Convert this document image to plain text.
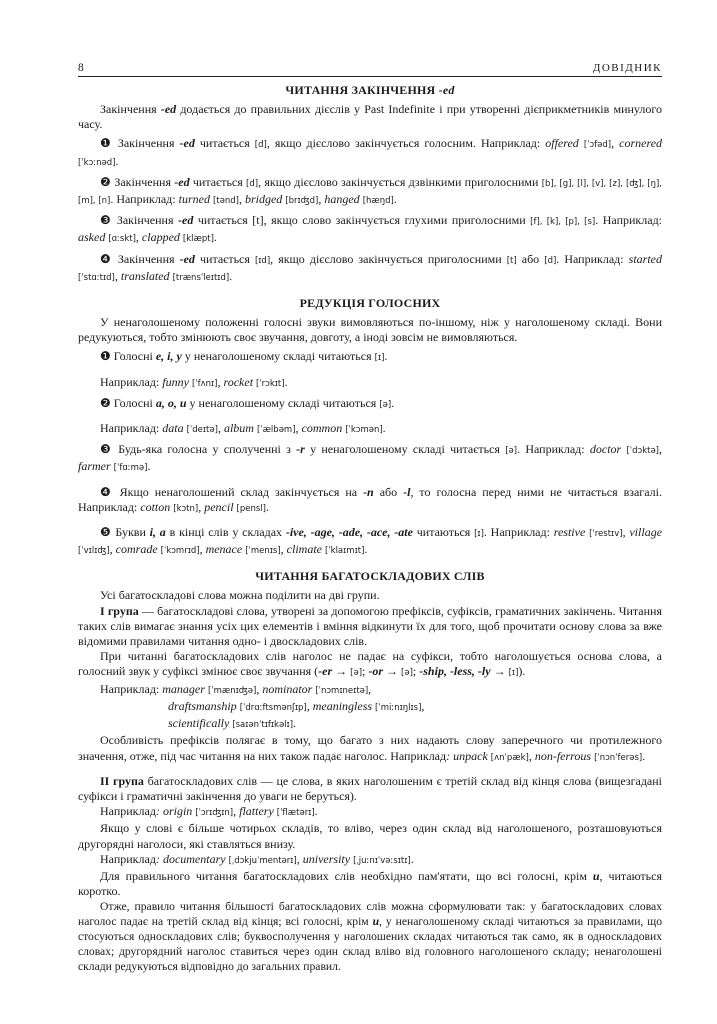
8	ДОВІДНИК
ЧИТАННЯ ЗАКІНЧЕННЯ -ed

Закінчення -ed додається до правильних дієслів у Past Indefinite і при утворенні дієприкметників минулого часу.

❶ Закінчення -ed читається [d], якщо дієслово закінчується голосним. Наприклад: offered [ˈɔfəd], cornered [ˈkɔːnəd].

❷ Закінчення -ed читається [d], якщо дієслово закінчується дзвінкими приголосними [b], [g], [l], [v], [z], [ʤ], [ŋ], [m], [n]. Наприклад: turned [tənd], bridged [brɪʤd], hanged [hæŋd].

❸ Закінчення -ed читається [t], якщо слово закінчується глухими приголосними [f], [k], [p], [s]. Наприклад: asked [ɑːskt], clapped [klæpt].

❹ Закінчення -ed читається [ɪd], якщо дієслово закінчується приголосними [t] або [d]. Наприклад: started [ˈstɑːtɪd], translated [trænsˈleɪtɪd].

РЕДУКЦІЯ ГОЛОСНИХ

У ненаголошеному положенні голосні звуки вимовляються по-іншому, ніж у наголошеному складі. Вони редукуються, тобто змінюють своє звучання, довготу, а іноді зовсім не вимовляються.

❶ Голосні e, i, y у ненаголошеному складі читаються [ɪ].

Наприклад: funny [ˈfʌnɪ], rocket [ˈrɔkɪt].

❷ Голосні a, o, u у ненаголошеному складі читаються [ə].

Наприклад: data [ˈdeɪtə], album [ˈælbəm], common [ˈkɔmən].

❸ Будь-яка голосна у сполученні з -r у ненаголошеному складі читається [ə]. Наприклад: doctor [ˈdɔktə], farmer [ˈfɑːmə].

❹ Якщо ненаголошений склад закінчується на -n або -l, то голосна перед ними не читається взагалі. Наприклад: cotton [kɔtn], pencil [pensl].

❺ Букви i, a в кінці слів у складах -ive, -age, -ade, -ace, -ate читаються [ɪ]. Наприклад: restive [ˈrestɪv], village [ˈvɪlɪʤ], comrade [ˈkɔmrɪd], menace [ˈmenɪs], climate [ˈklaɪmɪt].

ЧИТАННЯ БАГАТОСКЛАДОВИХ СЛІВ

Усі багатоскладові слова можна поділити на дві групи.

І група — багатоскладові слова, утворені за допомогою префіксів, суфіксів, граматичних закінчень. Читання таких слів вимагає знання усіх цих елементів і вміння відкинути їх для того, щоб прочитати основу слова за вже відомими правилами читання одно- і двоскладових слів.

При читанні багатоскладових слів наголос не падає на суфікси, тобто наголошується основа слова, а голосний звук у суфіксі змінює своє звучання (-er → [ə]; -or → [ə]; -ship, -less, -ly → [ɪ]).

Наприклад: manager [ˈmænɪʤə], nominator [ˈnɔmɪneɪtə],

draftsmanship [ˈdrɑːftsmənʃɪp], meaningless [ˈmiːnɪŋlɪs],

scientifically [saɪənˈtɪfɪkəlɪ].

Особливість префіксів полягає в тому, що багато з них надають слову заперечного чи протилежного значення, отже, під час читання на них також падає наголос. Наприклад: unpack [ʌnˈpæk], non-ferrous [ˈnɔnˈferəs].

ІІ група багатоскладових слів — це слова, в яких наголошеним є третій склад від кінця слова (вищезгадані суфікси і граматичні закінчення до уваги не беруться).

Наприклад: origin [ˈɔrɪʤɪn], flattery [ˈflætərɪ].

Якщо у слові є більше чотирьох складів, то вліво, через один склад від наголошеного, розташовуються другорядні наголоси, які ставляться внизу.

Наприклад: documentary [ˌdɔkjuˈmentərɪ], university [ˌjuːnɪˈvəːsɪtɪ].

Для правильного читання багатоскладових слів необхідно пам'ятати, що всі голосні, крім u, читаються коротко.

Отже, правило читання більшості багатоскладових слів можна сформулювати так: у багатоскладових словах наголос падає на третій склад від кінця; всі голосні, крім u, у ненаголошеному складі читаються за правилами, що стосуються односкладових слів; буквосполучення у наголошених складах читаються так само, як в односкладових словах; другорядний наголос ставиться через один склад вліво від головного наголошеного складу; ненаголошені склади редукуються відповідно до загальних правил.
